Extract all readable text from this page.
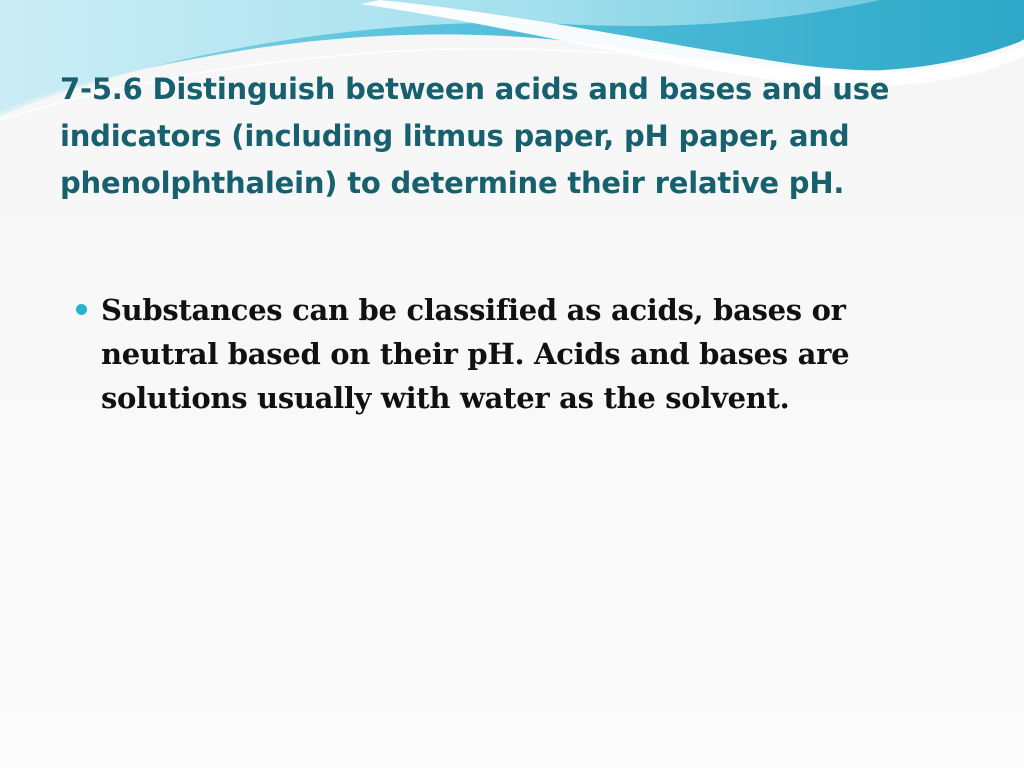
7-5.6 Distinguish between acids and bases and use indicators (including litmus paper, pH paper, and phenolphthalein) to determine their relative pH.
Substances can be classified as acids, bases or neutral based on their pH. Acids and bases are solutions usually with water as the solvent.
